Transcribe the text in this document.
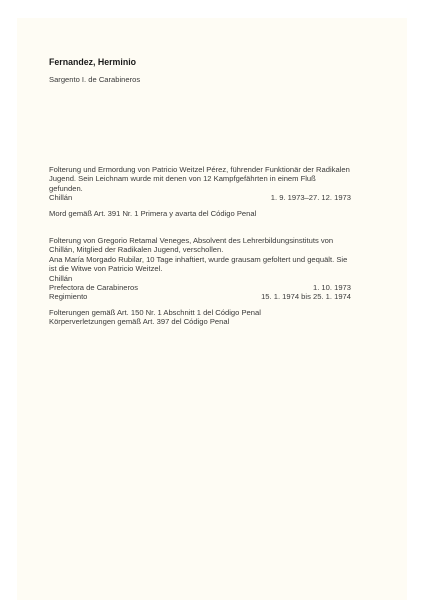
Fernandez, Herminio

Sargento I. de Carabineros

Folterung und Ermordung von Patricio Weitzel Pérez, führender Funktionär der Radikalen Jugend. Sein Leichnam wurde mit denen von 12 Kampfgefährten in einem Fluß gefunden.

Chillán	1. 9. 1973–27. 12. 1973

Mord gemäß Art. 391 Nr. 1 Primera y avarta del Código Penal

Folterung von Gregorio Retamal Veneges, Absolvent des Lehrerbildungsinstituts von Chillán, Mitglied der Radikalen Jugend, verschollen.

Ana María Morgado Rubilar, 10 Tage inhaftiert, wurde grausam gefoltert und gequält. Sie ist die Witwe von Patricio Weitzel.

Chillán

Prefectora de Carabineros	1. 10. 1973
Regimiento	15. 1. 1974 bis 25. 1. 1974

Folterungen gemäß Art. 150 Nr. 1 Abschnitt 1 del Código Penal

Körperverletzungen gemäß Art. 397 del Código Penal
